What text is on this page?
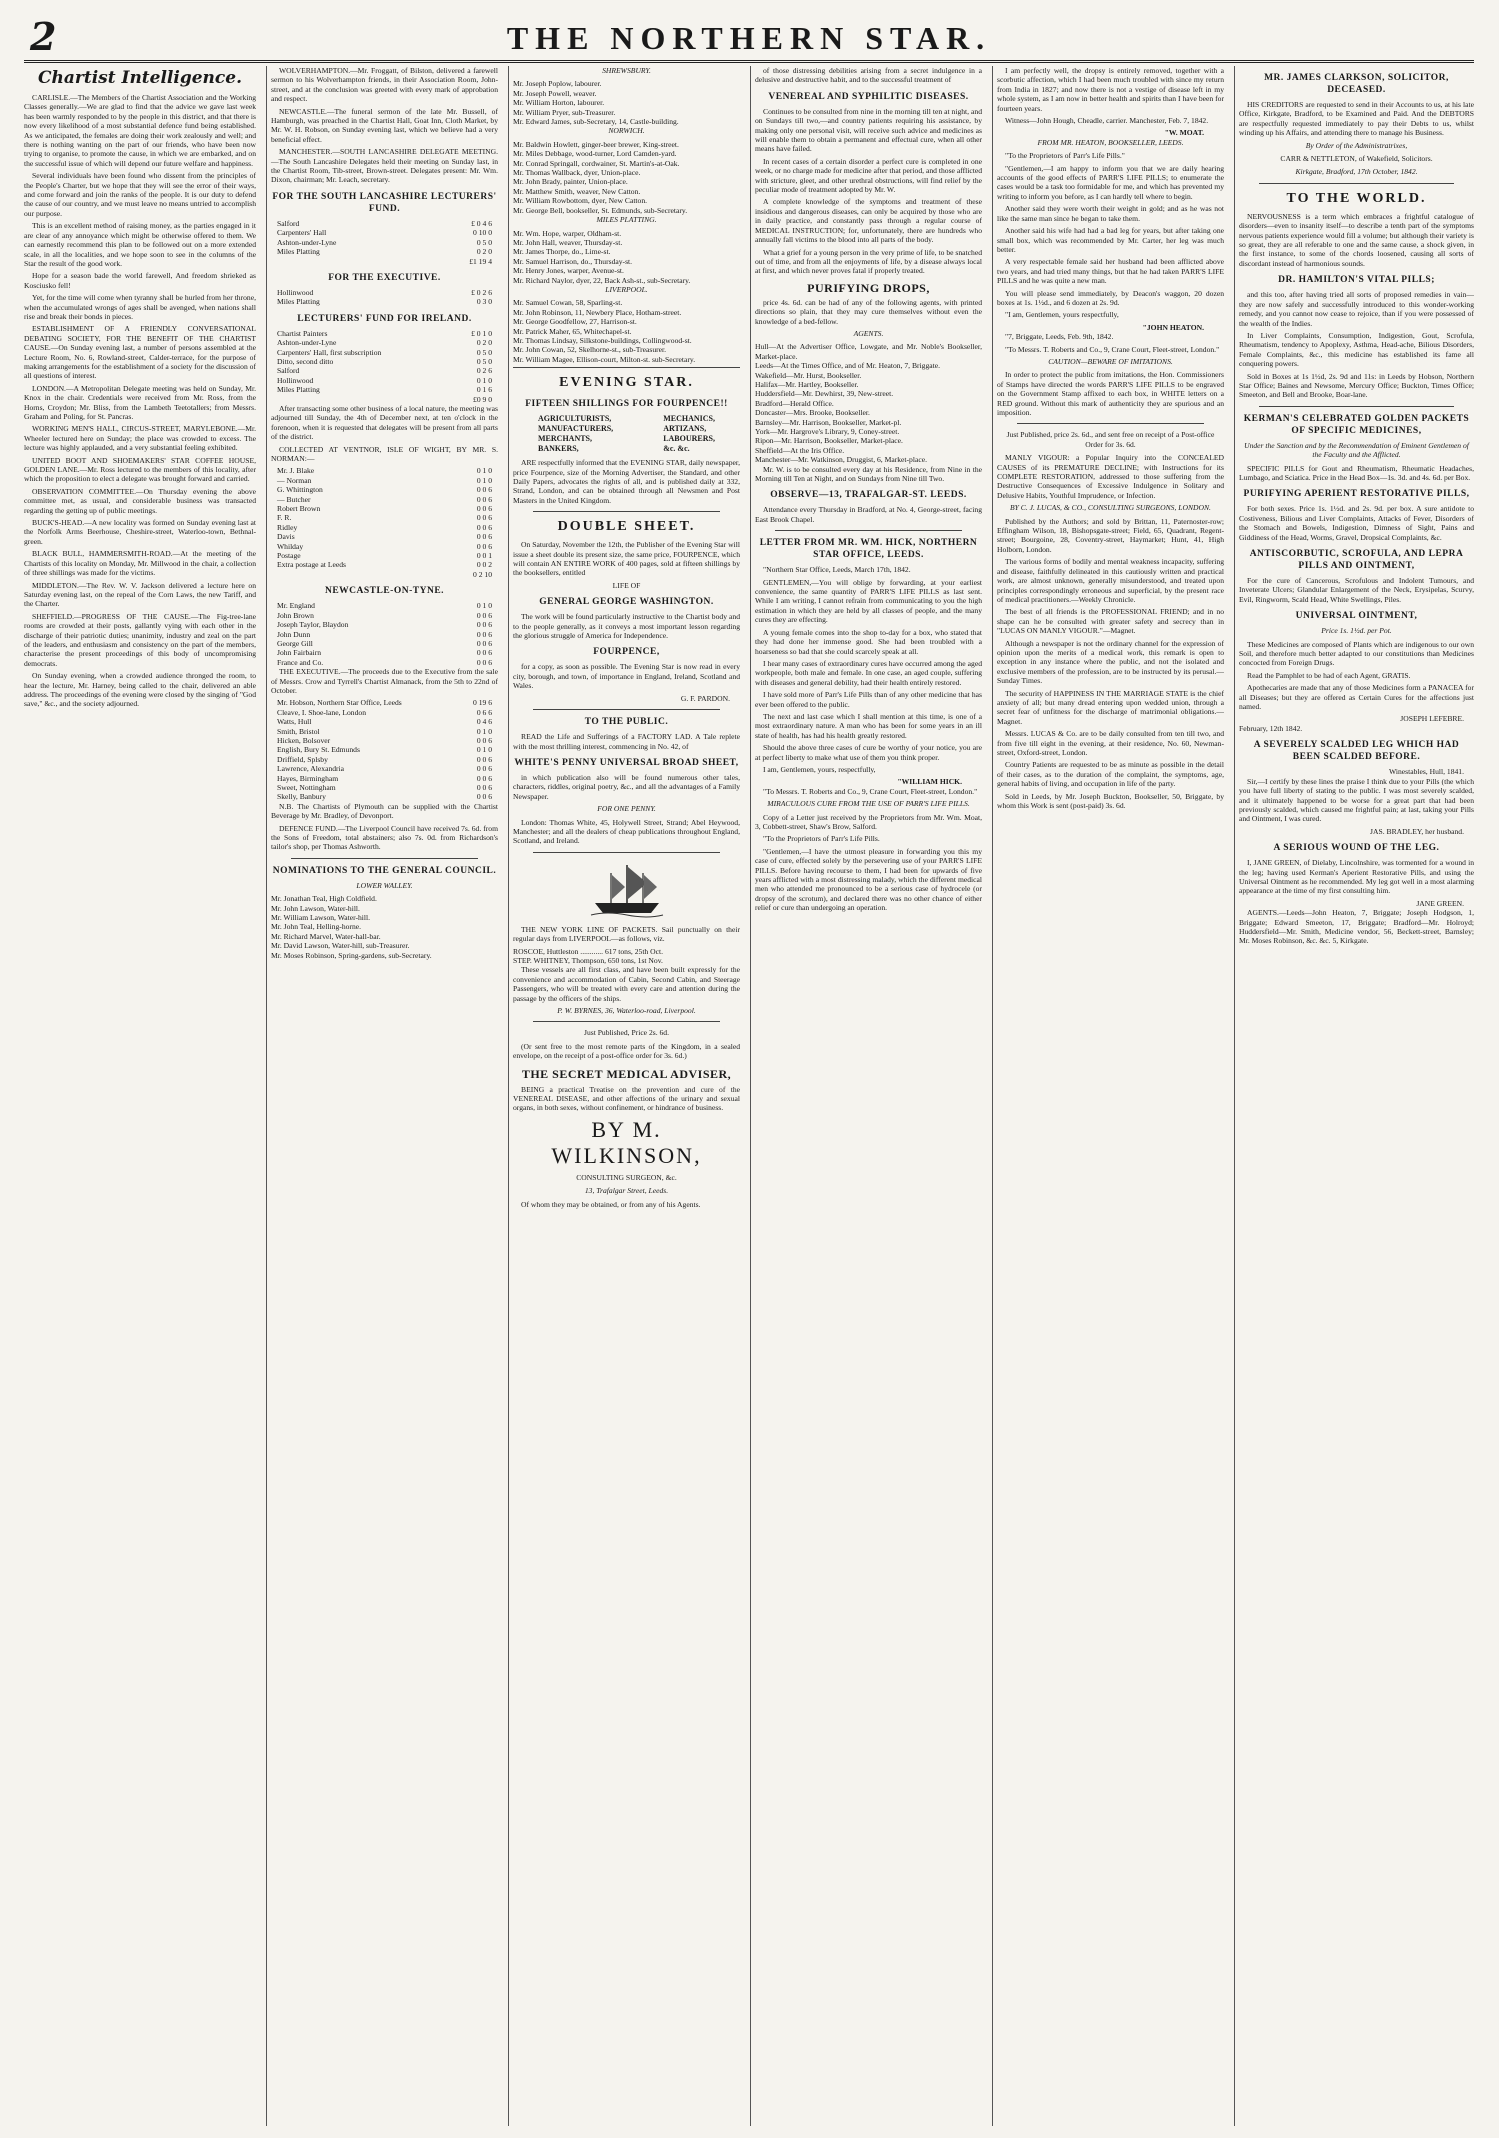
2	THE NORTHERN STAR.
Chartist Intelligence.

CARLISLE.—The Members of the Chartist Association and the Working Classes generally.—We are glad to find that the advice we gave last week has been warmly responded to by the people in this district, and that there is now every likelihood of a most substantial defence fund being established. As we anticipated, the females are doing their work zealously and well; and there is nothing wanting on the part of our friends, who have been now trying to organise, to promote the cause, in which we are embarked, and on the successful issue of which will depend our future welfare and happiness.

Several individuals have been found who dissent from the principles of the People's Charter, but we hope that they will see the error of their ways, and come forward and join the ranks of the people. It is our duty to defend the cause of our country, and we must leave no means untried to accomplish our purpose.

This is an excellent method of raising money, as the parties engaged in it are clear of any annoyance which might be otherwise offered to them. We can earnestly recommend this plan to be followed out on a more extended scale, in all the localities, and we hope soon to see in the columns of the Star the result of the good work.

Hope for a season bade the world farewell, And freedom shrieked as Kosciusko fell!

Yet, for the time will come when tyranny shall be hurled from her throne, when the accumulated wrongs of ages shall be avenged, when nations shall rise and break their bonds in pieces.

ESTABLISHMENT OF A FRIENDLY CONVERSATIONAL DEBATING SOCIETY, FOR THE BENEFIT OF THE CHARTIST CAUSE.—On Sunday evening last, a number of persons assembled at the Lecture Room, No. 6, Rowland-street, Calder-terrace, for the purpose of making arrangements for the establishment of a society for the discussion of all questions of interest.

LONDON.—A Metropolitan Delegate meeting was held on Sunday, Mr. Knox in the chair. Credentials were received from Mr. Ross, from the Horns, Croydon; Mr. Bliss, from the Lambeth Teetotallers; from Messrs. Graham and Poling, for St. Pancras.

WORKING MEN'S HALL, CIRCUS-STREET, MARYLEBONE.—Mr. Wheeler lectured here on Sunday; the place was crowded to excess. The lecture was highly applauded, and a very substantial feeling exhibited.

UNITED BOOT AND SHOEMAKERS' STAR COFFEE HOUSE, GOLDEN LANE.—Mr. Ross lectured to the members of this locality, after which the proposition to elect a delegate was brought forward and carried.

OBSERVATION COMMITTEE.—On Thursday evening the above committee met, as usual, and considerable business was transacted regarding the getting up of public meetings.

BUCK'S-HEAD.—A new locality was formed on Sunday evening last at the Norfolk Arms Beerhouse, Cheshire-street, Waterloo-town, Bethnal-green.

BLACK BULL, HAMMERSMITH-ROAD.—At the meeting of the Chartists of this locality on Monday, Mr. Millwood in the chair, a collection of three shillings was made for the victims.

MIDDLETON.—The Rev. W. V. Jackson delivered a lecture here on Saturday evening last, on the repeal of the Corn Laws, the new Tariff, and the Charter.

SHEFFIELD.—PROGRESS OF THE CAUSE.—The Fig-tree-lane rooms are crowded at their posts, gallantly vying with each other in the discharge of their patriotic duties; unanimity, industry and zeal on the part of the leaders, and enthusiasm and consistency on the part of the members, characterise the present proceedings of this body of uncompromising democrats.

On Sunday evening, when a crowded audience thronged the room, to hear the lecture, Mr. Harney, being called to the chair, delivered an able address. The proceedings of the evening were closed by the singing of "God save," &c., and the society adjourned.

WOLVERHAMPTON.—Mr. Froggatt, of Bilston, delivered a farewell sermon to his Wolverhampton friends, in their Association Room, John-street, and at the conclusion was greeted with every mark of approbation and respect.

NEWCASTLE.—The funeral sermon of the late Mr. Bussell, of Hamburgh, was preached in the Chartist Hall, Goat Inn, Cloth Market, by Mr. W. H. Robson, on Sunday evening last, which we believe had a very beneficial effect.

MANCHESTER.—SOUTH LANCASHIRE DELEGATE MEETING.—The South Lancashire Delegates held their meeting on Sunday last, in the Chartist Room, Tib-street, Brown-street. Delegates present: Mr. Wm. Dixon, chairman; Mr. Leach, secretary.

FOR THE SOUTH LANCASHIRE LECTURERS' FUND.
Salford	£ 0 4 6
Carpenters' Hall	0 10 0
Ashton-under-Lyne	0 5 0
Miles Platting	0 2 0
£1 19 4
FOR THE EXECUTIVE.
Hollinwood	£ 0 2 6
Miles Platting	0 3 0
LECTURERS' FUND FOR IRELAND.
Chartist Painters	£ 0 1 0
Ashton-under-Lyne	0 2 0
Carpenters' Hall, first subscription	0 5 0
Ditto, second ditto	0 5 0
Salford	0 2 6
Hollinwood	0 1 0
Miles Platting	0 1 6
£0 9 0

After transacting some other business of a local nature, the meeting was adjourned till Sunday, the 4th of December next, at ten o'clock in the forenoon, when it is requested that delegates will be present from all parts of the district.

COLLECTED AT VENTNOR, ISLE OF WIGHT, BY MR. S. NORMAN:—

Mr. J. Blake	0 1 0
— Norman	0 1 0
G. Whittington	0 0 6
— Butcher	0 0 6
Robert Brown	0 0 6
F. R.	0 0 6
Ridley	0 0 6
Davis	0 0 6
Whilday	0 0 6
Postage	0 0 1
Extra postage at Leeds	0 0 2
0 2 10
NEWCASTLE-ON-TYNE.
Mr. England	0 1 0
John Brown	0 0 6
Joseph Taylor, Blaydon	0 0 6
John Dunn	0 0 6
George Gill	0 0 6
John Fairbairn	0 0 6
France and Co.	0 0 6

THE EXECUTIVE.—The proceeds due to the Executive from the sale of Messrs. Crow and Tyrrell's Chartist Almanack, from the 5th to 22nd of October.

Mr. Hobson, Northern Star Office, Leeds	0 19 6
Cleave, I. Shoe-lane, London	0 6 6
Watts, Hull	0 4 6
Smith, Bristol	0 1 0
Hicken, Bolsover	0 0 6
English, Bury St. Edmunds	0 1 0
Driffield, Splsby	0 0 6
Lawrence, Alexandria	0 0 6
Hayes, Birmingham	0 0 6
Sweet, Nottingham	0 0 6
Skelly, Banbury	0 0 6

N.B. The Chartists of Plymouth can be supplied with the Chartist Beverage by Mr. Bradley, of Devonport.

DEFENCE FUND.—The Liverpool Council have received 7s. 6d. from the Sons of Freedom, total abstainers; also 7s. 0d. from Richardson's tailor's shop, per Thomas Ashworth.

NOMINATIONS TO THE GENERAL COUNCIL.
LOWER WALLEY.
Mr. Jonathan Teal, High Coldfield.
Mr. John Lawson, Water-hill.
Mr. William Lawson, Water-hill.
Mr. John Teal, Helling-horne.
Mr. Richard Marvel, Water-hall-bar.
Mr. David Lawson, Water-hill, sub-Treasurer.
Mr. Moses Robinson, Spring-gardens, sub-Secretary.
SHREWSBURY.
Mr. Joseph Poplow, labourer.
Mr. Joseph Powell, weaver.
Mr. William Horton, labourer.
Mr. William Pryer, sub-Treasurer.
Mr. Edward James, sub-Secretary, 14, Castle-building.
NORWICH.
Mr. Baldwin Howlett, ginger-beer brewer, King-street.
Mr. Miles Debbage, wood-turner, Lord Camden-yard.
Mr. Conrad Springall, cordwainer, St. Martin's-at-Oak.
Mr. Thomas Wallback, dyer, Union-place.
Mr. John Brady, painter, Union-place.
Mr. Matthew Smith, weaver, New Catton.
Mr. William Rowbottom, dyer, New Catton.
Mr. George Bell, bookseller, St. Edmunds, sub-Secretary.
MILES PLATTING.
Mr. Wm. Hope, warper, Oldham-st.
Mr. John Hall, weaver, Thursday-st.
Mr. James Thorpe, do., Lime-st.
Mr. Samuel Harrison, do., Thursday-st.
Mr. Henry Jones, warper, Avenue-st.
Mr. Richard Naylor, dyer, 22, Back Ash-st., sub-Secretary.
LIVERPOOL.
Mr. Samuel Cowan, 58, Sparling-st.
Mr. John Robinson, 11, Newbery Place, Hotham-street.
Mr. George Goodfellow, 27, Harrison-st.
Mr. Patrick Maher, 65, Whitechapel-st.
Mr. Thomas Lindsay, Silkstone-buildings, Collingwood-st.
Mr. John Cowan, 52, Skelhorne-st., sub-Treasurer.
Mr. William Magee, Ellison-court, Milton-st. sub-Secretary.
EVENING STAR.
FIFTEEN SHILLINGS FOR FOURPENCE!!
AGRICULTURISTS,
MANUFACTURERS,
MERCHANTS,
BANKERS,
MECHANICS,
ARTIZANS,
LABOURERS,
&c. &c.

ARE respectfully informed that the EVENING STAR, daily newspaper, price Fourpence, size of the Morning Advertiser, the Standard, and other Daily Papers, advocates the rights of all, and is published daily at 332, Strand, London, and can be obtained through all Newsmen and Post Masters in the United Kingdom.

DOUBLE SHEET.

On Saturday, November the 12th, the Publisher of the Evening Star will issue a sheet double its present size, the same price, FOURPENCE, which will contain AN ENTIRE WORK of 400 pages, sold at fifteen shillings by the booksellers, entitled

LIFE OF
GENERAL GEORGE WASHINGTON.

The work will be found particularly instructive to the Chartist body and to the people generally, as it conveys a most important lesson regarding the glorious struggle of America for Independence.

FOURPENCE,

for a copy, as soon as possible. The Evening Star is now read in every city, borough, and town, of importance in England, Ireland, Scotland and Wales.

G. F. PARDON.
TO THE PUBLIC.

READ the Life and Sufferings of a FACTORY LAD. A Tale replete with the most thrilling interest, commencing in No. 42, of

WHITE'S PENNY UNIVERSAL BROAD SHEET,

in which publication also will be found numerous other tales, characters, riddles, original poetry, &c., and all the advantages of a Family Newspaper.

FOR ONE PENNY.

London: Thomas White, 45, Holywell Street, Strand; Abel Heywood, Manchester; and all the dealers of cheap publications throughout England, Scotland, and Ireland.

THE NEW YORK LINE OF PACKETS. Sail punctually on their regular days from LIVERPOOL—as follows, viz.

ROSCOE, Huttleston ............ 617 tons, 25th Oct.
STEP. WHITNEY, Thompson, 650 tons, 1st Nov.

These vessels are all first class, and have been built expressly for the convenience and accommodation of Cabin, Second Cabin, and Steerage Passengers, who will be treated with every care and attention during the passage by the officers of the ships.

P. W. BYRNES, 36, Waterloo-road, Liverpool.
Just Published, Price 2s. 6d.

(Or sent free to the most remote parts of the Kingdom, in a sealed envelope, on the receipt of a post-office order for 3s. 6d.)

THE SECRET MEDICAL ADVISER,

BEING a practical Treatise on the prevention and cure of the VENEREAL DISEASE, and other affections of the urinary and sexual organs, in both sexes, without confinement, or hindrance of business.

BY M. WILKINSON,
CONSULTING SURGEON, &c.
13, Trafalgar Street, Leeds.

Of whom they may be obtained, or from any of his Agents.

of those distressing debilities arising from a secret indulgence in a delusive and destructive habit, and to the successful treatment of

VENEREAL AND SYPHILITIC DISEASES.

Continues to be consulted from nine in the morning till ten at night, and on Sundays till two,—and country patients requiring his assistance, by making only one personal visit, will receive such advice and medicines as will enable them to obtain a permanent and effectual cure, when all other means have failed.

In recent cases of a certain disorder a perfect cure is completed in one week, or no charge made for medicine after that period, and those afflicted with stricture, gleet, and other urethral obstructions, will find relief by the peculiar mode of treatment adopted by Mr. W.

A complete knowledge of the symptoms and treatment of these insidious and dangerous diseases, can only be acquired by those who are in daily practice, and constantly pass through a regular course of MEDICAL INSTRUCTION; for, unfortunately, there are hundreds who annually fall victims to the blood into all parts of the body.

What a grief for a young person in the very prime of life, to be snatched out of time, and from all the enjoyments of life, by a disease always local at first, and which never proves fatal if properly treated.

PURIFYING DROPS,

price 4s. 6d. can be had of any of the following agents, with printed directions so plain, that they may cure themselves without even the knowledge of a bed-fellow.

AGENTS.
Hull—At the Advertiser Office, Lowgate, and Mr. Noble's Bookseller, Market-place.
Leeds—At the Times Office, and of Mr. Heaton, 7, Briggate.
Wakefield—Mr. Hurst, Bookseller.
Halifax—Mr. Hartley, Bookseller.
Huddersfield—Mr. Dewhirst, 39, New-street.
Bradford—Herald Office.
Doncaster—Mrs. Brooke, Bookseller.
Barnsley—Mr. Harrison, Bookseller, Market-pl.
York—Mr. Hargrove's Library, 9, Coney-street.
Ripon—Mr. Harrison, Bookseller, Market-place.
Sheffield—At the Iris Office.
Manchester—Mr. Watkinson, Druggist, 6, Market-place.

Mr. W. is to be consulted every day at his Residence, from Nine in the Morning till Ten at Night, and on Sundays from Nine till Two.

OBSERVE—13, TRAFALGAR-ST. LEEDS.

Attendance every Thursday in Bradford, at No. 4, George-street, facing East Brook Chapel.

LETTER FROM MR. WM. HICK, NORTHERN STAR OFFICE, LEEDS.

"Northern Star Office, Leeds, March 17th, 1842.

GENTLEMEN,—You will oblige by forwarding, at your earliest convenience, the same quantity of PARR'S LIFE PILLS as last sent. While I am writing, I cannot refrain from communicating to you the high estimation in which they are held by all classes of people, and the many cures they are effecting.

A young female comes into the shop to-day for a box, who stated that they had done her immense good. She had been troubled with a hoarseness so bad that she could scarcely speak at all.

I hear many cases of extraordinary cures have occurred among the aged workpeople, both male and female. In one case, an aged couple, suffering with diseases and general debility, had their health entirely restored.

I have sold more of Parr's Life Pills than of any other medicine that has ever been offered to the public.

The next and last case which I shall mention at this time, is one of a most extraordinary nature. A man who has been for some years in an ill state of health, has had his health greatly restored.

Should the above three cases of cure be worthy of your notice, you are at perfect liberty to make what use of them you think proper.

I am, Gentlemen, yours, respectfully,

"WILLIAM HICK.

"To Messrs. T. Roberts and Co., 9, Crane Court, Fleet-street, London."

MIRACULOUS CURE FROM THE USE OF PARR'S LIFE PILLS.

Copy of a Letter just received by the Proprietors from Mr. Wm. Moat, 3, Cobbett-street, Shaw's Brow, Salford.

"To the Proprietors of Parr's Life Pills.

"Gentlemen,—I have the utmost pleasure in forwarding you this my case of cure, effected solely by the persevering use of your PARR'S LIFE PILLS. Before having recourse to them, I had been for upwards of five years afflicted with a most distressing malady, which the different medical men who attended me pronounced to be a serious case of hydrocele (or dropsy of the scrotum), and declared there was no other chance of either relief or cure than undergoing an operation.

I am perfectly well, the dropsy is entirely removed, together with a scorbutic affection, which I had been much troubled with since my return from India in 1827; and now there is not a vestige of disease left in my whole system, as I am now in better health and spirits than I have been for fourteen years.

Witness—John Hough, Cheadle, carrier. Manchester, Feb. 7, 1842.

"W. MOAT.
FROM MR. HEATON, BOOKSELLER, LEEDS.

"To the Proprietors of Parr's Life Pills."

"Gentlemen,—I am happy to inform you that we are daily hearing accounts of the good effects of PARR'S LIFE PILLS; to enumerate the cases would be a task too formidable for me, and which has prevented my writing to inform you before, as I can hardly tell where to begin.

Another said they were worth their weight in gold; and as he was not like the same man since he began to take them.

Another said his wife had had a bad leg for years, but after taking one small box, which was recommended by Mr. Carter, her leg was much better.

A very respectable female said her husband had been afflicted above two years, and had tried many things, but that he had taken PARR'S LIFE PILLS and he was quite a new man.

You will please send immediately, by Deacon's waggon, 20 dozen boxes at 1s. 1½d., and 6 dozen at 2s. 9d.

"I am, Gentlemen, yours respectfully,

"JOHN HEATON.

"7, Briggate, Leeds, Feb. 9th, 1842.

"To Messrs. T. Roberts and Co., 9, Crane Court, Fleet-street, London."

CAUTION—BEWARE OF IMITATIONS.

In order to protect the public from imitations, the Hon. Commissioners of Stamps have directed the words PARR'S LIFE PILLS to be engraved on the Government Stamp affixed to each box, in WHITE letters on a RED ground. Without this mark of authenticity they are spurious and an imposition.

Just Published, price 2s. 6d., and sent free on receipt of a Post-office Order for 3s. 6d.

MANLY VIGOUR: a Popular Inquiry into the CONCEALED CAUSES of its PREMATURE DECLINE; with Instructions for its COMPLETE RESTORATION, addressed to those suffering from the Destructive Consequences of Excessive Indulgence in Solitary and Delusive Habits, Youthful Imprudence, or Infection.

BY C. J. LUCAS, & CO., CONSULTING SURGEONS, LONDON.

Published by the Authors; and sold by Brittan, 11, Paternoster-row; Effingham Wilson, 18, Bishopsgate-street; Field, 65, Quadrant, Regent-street; Bourgoine, 28, Coventry-street, Haymarket; Hunt, 41, High Holborn, London.

The various forms of bodily and mental weakness incapacity, suffering and disease, faithfully delineated in this cautiously written and practical work, are almost unknown, generally misunderstood, and treated upon principles correspondingly erroneous and superficial, by the present race of medical practitioners.—Weekly Chronicle.

The best of all friends is the PROFESSIONAL FRIEND; and in no shape can he be consulted with greater safety and secrecy than in "LUCAS ON MANLY VIGOUR."—Magnet.

Although a newspaper is not the ordinary channel for the expression of opinion upon the merits of a medical work, this remark is open to exception in any instance where the public, and not the isolated and exclusive members of the profession, are to be instructed by its perusal.—Sunday Times.

The security of HAPPINESS IN THE MARRIAGE STATE is the chief anxiety of all; but many dread entering upon wedded union, through a secret fear of unfitness for the discharge of matrimonial obligations.—Magnet.

Messrs. LUCAS & Co. are to be daily consulted from ten till two, and from five till eight in the evening, at their residence, No. 60, Newman-street, Oxford-street, London.

Country Patients are requested to be as minute as possible in the detail of their cases, as to the duration of the complaint, the symptoms, age, general habits of living, and occupation in life of the party.

Sold in Leeds, by Mr. Joseph Buckton, Bookseller, 50, Briggate, by whom this Work is sent (post-paid) 3s. 6d.

MR. JAMES CLARKSON, SOLICITOR, DECEASED.

HIS CREDITORS are requested to send in their Accounts to us, at his late Office, Kirkgate, Bradford, to be Examined and Paid. And the DEBTORS are respectfully requested immediately to pay their Debts to us, whilst winding up his Affairs, and attending there to manage his Business.

By Order of the Administratrixes,
CARR & NETTLETON, of Wakefield, Solicitors.
Kirkgate, Bradford, 17th October, 1842.
TO THE WORLD.

NERVOUSNESS is a term which embraces a frightful catalogue of disorders—even to insanity itself—to describe a tenth part of the symptoms nervous patients experience would fill a volume; but although their variety is so great, they are all referable to one and the same cause, a shock given, in the first instance, to some of the chords loosened, causing all sorts of discordant instead of harmonious sounds.

DR. HAMILTON'S VITAL PILLS;

and this too, after having tried all sorts of proposed remedies in vain—they are now safely and successfully introduced to this wonder-working remedy, and you cannot now cease to rejoice, than if you were possessed of the wealth of the Indies.

In Liver Complaints, Consumption, Indigestion, Gout, Scrofula, Rheumatism, tendency to Apoplexy, Asthma, Head-ache, Bilious Disorders, Female Complaints, &c., this medicine has established its fame all conquering powers.

Sold in Boxes at 1s 1½d, 2s. 9d and 11s: in Leeds by Hobson, Northern Star Office; Baines and Newsome, Mercury Office; Buckton, Times Office; Smeeton, and Bell and Brooke, Boar-lane.

KERMAN'S CELEBRATED GOLDEN PACKETS OF SPECIFIC MEDICINES,
Under the Sanction and by the Recommendation of Eminent Gentlemen of the Faculty and the Afflicted.

SPECIFIC PILLS for Gout and Rheumatism, Rheumatic Headaches, Lumbago, and Sciatica. Price in the Head Box—1s. 3d. and 4s. 6d. per Box.

PURIFYING APERIENT RESTORATIVE PILLS,

For both sexes. Price 1s. 1½d. and 2s. 9d. per box. A sure antidote to Costiveness, Bilious and Liver Complaints, Attacks of Fever, Disorders of the Stomach and Bowels, Indigestion, Dimness of Sight, Pains and Giddiness of the Head, Worms, Gravel, Dropsical Complaints, &c.

ANTISCORBUTIC, SCROFULA, AND LEPRA PILLS AND OINTMENT,

For the cure of Cancerous, Scrofulous and Indolent Tumours, and Inveterate Ulcers; Glandular Enlargement of the Neck, Erysipelas, Scurvy, Evil, Ringworm, Scald Head, White Swellings, Piles.

UNIVERSAL OINTMENT,
Price 1s. 1½d. per Pot.

These Medicines are composed of Plants which are indigenous to our own Soil, and therefore much better adapted to our constitutions than Medicines concocted from Foreign Drugs.

Read the Pamphlet to be had of each Agent, GRATIS.

Apothecaries are made that any of those Medicines form a PANACEA for all Diseases; but they are offered as Certain Cures for the affections just named.

JOSEPH LEFEBRE.
February, 12th 1842.
A SEVERELY SCALDED LEG WHICH HAD BEEN SCALDED BEFORE.
Winestables, Hull, 1841.

Sir,—I certify by these lines the praise I think due to your Pills (the which you have full liberty of stating to the public. I was most severely scalded, and it ultimately happened to be worse for a great part that had been previously scalded, which caused me frightful pain; at last, taking your Pills and Ointment, I was cured.

JAS. BRADLEY, her husband.
A SERIOUS WOUND OF THE LEG.

I, JANE GREEN, of Dielaby, Lincolnshire, was tormented for a wound in the leg; having used Kerman's Aperient Restorative Pills, and using the Universal Ointment as he recommended. My leg got well in a most alarming appearance at the time of my first consulting him.

JANE GREEN.

AGENTS.—Leeds—John Heaton, 7, Briggate; Joseph Hodgson, 1, Briggate; Edward Smeeton, 17, Briggate; Bradford—Mr. Holroyd; Huddersfield—Mr. Smith, Medicine vendor, 56, Beckett-street, Barnsley; Mr. Moses Robinson, &c. &c. 5, Kirkgate.
